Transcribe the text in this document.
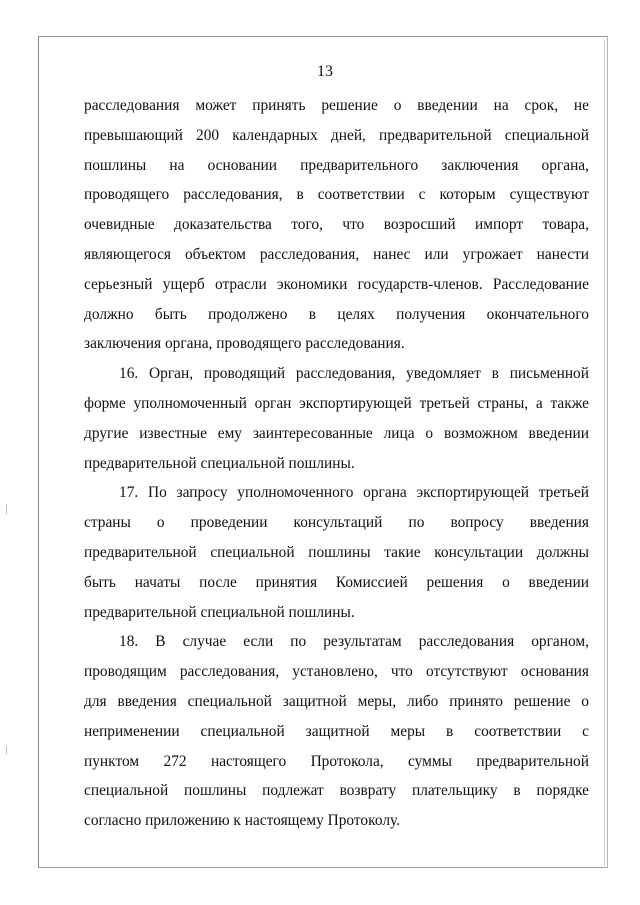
13
расследования может принять решение о введении на срок, не
превышающий 200 календарных дней, предварительной специальной
пошлины на основании предварительного заключения органа,
проводящего расследования, в соответствии с которым существуют
очевидные доказательства того, что возросший импорт товара,
являющегося объектом расследования, нанес или угрожает нанести
серьезный ущерб отрасли экономики государств-членов. Расследование
должно быть продолжено в целях получения окончательного
заключения органа, проводящего расследования.
16. Орган, проводящий расследования, уведомляет в письменной
форме уполномоченный орган экспортирующей третьей страны, а также
другие известные ему заинтересованные лица о возможном введении
предварительной специальной пошлины.
17. По запросу уполномоченного органа экспортирующей третьей
страны о проведении консультаций по вопросу введения
предварительной специальной пошлины такие консультации должны
быть начаты после принятия Комиссией решения о введении
предварительной специальной пошлины.
18. В случае если по результатам расследования органом,
проводящим расследования, установлено, что отсутствуют основания
для введения специальной защитной меры, либо принято решение о
неприменении специальной защитной меры в соответствии с
пунктом 272 настоящего Протокола, суммы предварительной
специальной пошлины подлежат возврату плательщику в порядке
согласно приложению к настоящему Протоколу.
